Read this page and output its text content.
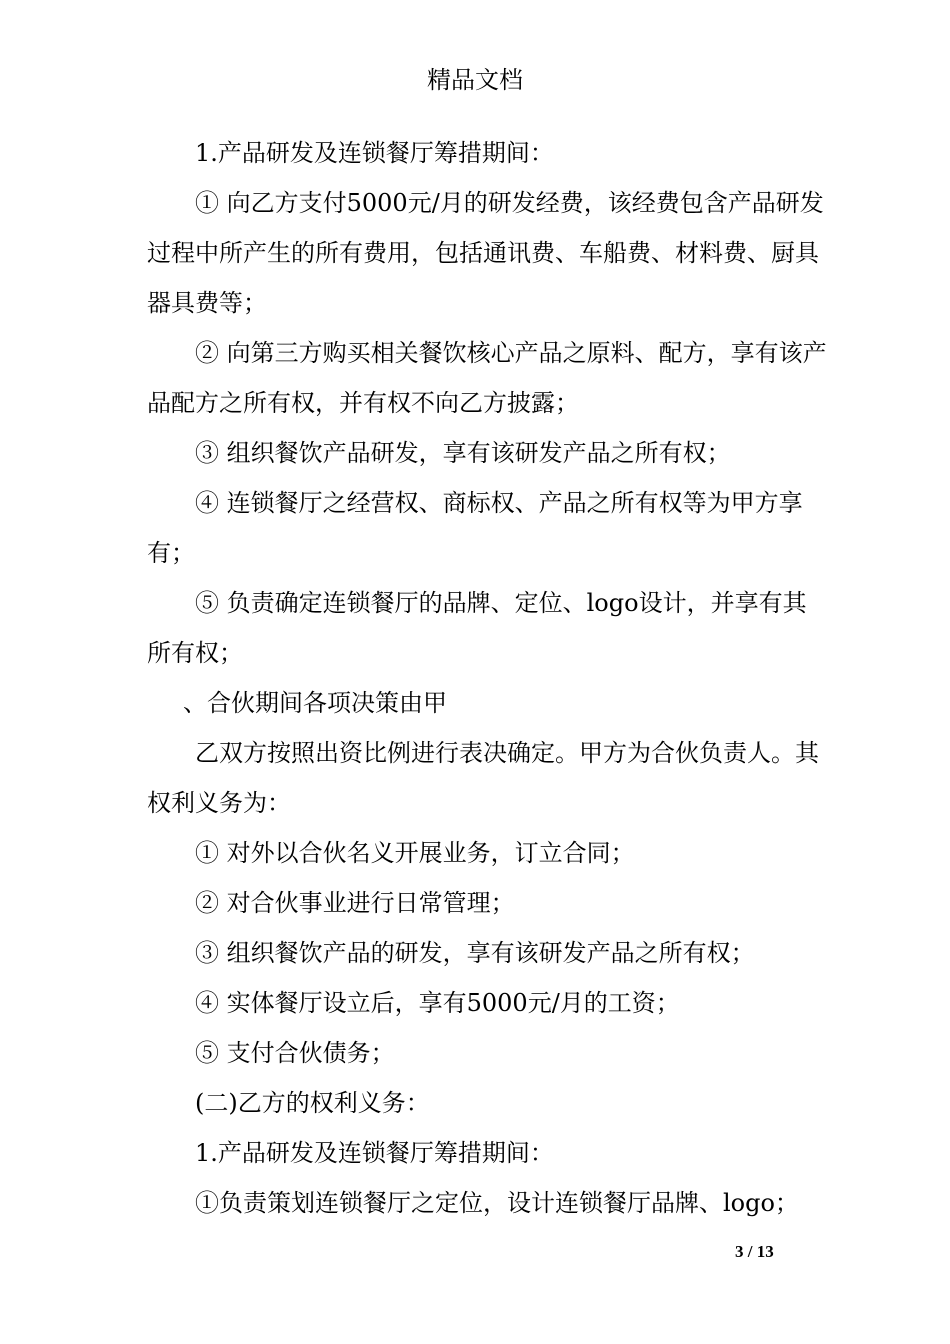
精品文档

1.产品研发及连锁餐厅筹措期间：

① 向乙方支付5000元/月的研发经费，该经费包含产品研发过程中所产生的所有费用，包括通讯费、车船费、材料费、厨具器具费等；

② 向第三方购买相关餐饮核心产品之原料、配方，享有该产品配方之所有权，并有权不向乙方披露；

③ 组织餐饮产品研发，享有该研发产品之所有权；

④ 连锁餐厅之经营权、商标权、产品之所有权等为甲方享有；

⑤ 负责确定连锁餐厅的品牌、定位、logo设计，并享有其所有权；

、合伙期间各项决策由甲

乙双方按照出资比例进行表决确定。甲方为合伙负责人。其权利义务为：

① 对外以合伙名义开展业务，订立合同；

② 对合伙事业进行日常管理；

③ 组织餐饮产品的研发，享有该研发产品之所有权；

④ 实体餐厅设立后，享有5000元/月的工资；

⑤ 支付合伙债务；

(二)乙方的权利义务：

1.产品研发及连锁餐厅筹措期间：

①负责策划连锁餐厅之定位，设计连锁餐厅品牌、logo；

3 / 13
